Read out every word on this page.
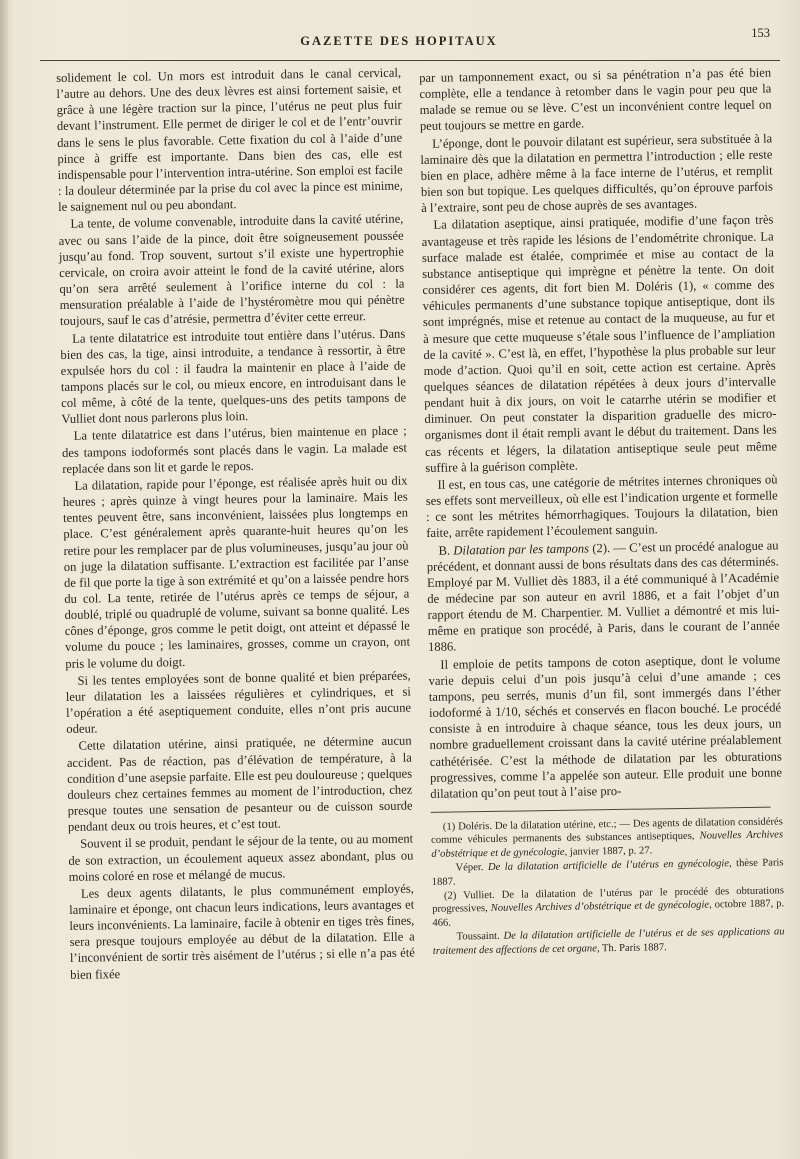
GAZETTE DES HOPITAUX
153

solidement le col. Un mors est introduit dans le canal cervical, l’autre au dehors. Une des deux lèvres est ainsi fortement saisie, et grâce à une légère traction sur la pince, l’utérus ne peut plus fuir devant l’instrument. Elle permet de diriger le col et de l’entr’ouvrir dans le sens le plus favorable. Cette fixation du col à l’aide d’une pince à griffe est importante. Dans bien des cas, elle est indispensable pour l’intervention intra-utérine. Son emploi est facile : la douleur déterminée par la prise du col avec la pince est minime, le saignement nul ou peu abondant.

La tente, de volume convenable, introduite dans la cavité utérine, avec ou sans l’aide de la pince, doit être soigneusement poussée jusqu’au fond. Trop souvent, surtout s’il existe une hypertrophie cervicale, on croira avoir atteint le fond de la cavité utérine, alors qu’on sera arrêté seulement à l’orifice interne du col : la mensuration préalable à l’aide de l’hystéromètre mou qui pénètre toujours, sauf le cas d’atrésie, permettra d’éviter cette erreur.

La tente dilatatrice est introduite tout entière dans l’utérus. Dans bien des cas, la tige, ainsi introduite, a tendance à ressortir, à être expulsée hors du col : il faudra la maintenir en place à l’aide de tampons placés sur le col, ou mieux encore, en introduisant dans le col même, à côté de la tente, quelques-uns des petits tampons de Vulliet dont nous parlerons plus loin.

La tente dilatatrice est dans l’utérus, bien maintenue en place ; des tampons iodoformés sont placés dans le vagin. La malade est replacée dans son lit et garde le repos.

La dilatation, rapide pour l’éponge, est réalisée après huit ou dix heures ; après quinze à vingt heures pour la laminaire. Mais les tentes peuvent être, sans inconvénient, laissées plus longtemps en place. C’est généralement après quarante-huit heures qu’on les retire pour les remplacer par de plus volumineuses, jusqu’au jour où on juge la dilatation suffisante. L’extraction est facilitée par l’anse de fil que porte la tige à son extrémité et qu’on a laissée pendre hors du col. La tente, retirée de l’utérus après ce temps de séjour, a doublé, triplé ou quadruplé de volume, suivant sa bonne qualité. Les cônes d’éponge, gros comme le petit doigt, ont atteint et dépassé le volume du pouce ; les laminaires, grosses, comme un crayon, ont pris le volume du doigt.

Si les tentes employées sont de bonne qualité et bien préparées, leur dilatation les a laissées régulières et cylindriques, et si l’opération a été aseptiquement conduite, elles n’ont pris aucune odeur.

Cette dilatation utérine, ainsi pratiquée, ne détermine aucun accident. Pas de réaction, pas d’élévation de température, à la condition d’une asepsie parfaite. Elle est peu douloureuse ; quelques douleurs chez certaines femmes au moment de l’introduction, chez presque toutes une sensation de pesanteur ou de cuisson sourde pendant deux ou trois heures, et c’est tout.

Souvent il se produit, pendant le séjour de la tente, ou au moment de son extraction, un écoulement aqueux assez abondant, plus ou moins coloré en rose et mélangé de mucus.

Les deux agents dilatants, le plus communément employés, laminaire et éponge, ont chacun leurs indications, leurs avantages et leurs inconvénients. La laminaire, facile à obtenir en tiges très fines, sera presque toujours employée au début de la dilatation. Elle a l’inconvénient de sortir très aisément de l’utérus ; si elle n’a pas été bien fixée

par un tamponnement exact, ou si sa pénétration n’a pas été bien complète, elle a tendance à retomber dans le vagin pour peu que la malade se remue ou se lève. C’est un inconvénient contre lequel on peut toujours se mettre en garde.

L’éponge, dont le pouvoir dilatant est supérieur, sera substituée à la laminaire dès que la dilatation en permettra l’introduction ; elle reste bien en place, adhère même à la face interne de l’utérus, et remplit bien son but topique. Les quelques difficultés, qu’on éprouve parfois à l’extraire, sont peu de chose auprès de ses avantages.

La dilatation aseptique, ainsi pratiquée, modifie d’une façon très avantageuse et très rapide les lésions de l’endométrite chronique. La surface malade est étalée, comprimée et mise au contact de la substance antiseptique qui imprègne et pénètre la tente. On doit considérer ces agents, dit fort bien M. Doléris (1), « comme des véhicules permanents d’une substance topique antiseptique, dont ils sont imprégnés, mise et retenue au contact de la muqueuse, au fur et à mesure que cette muqueuse s’étale sous l’influence de l’ampliation de la cavité ». C’est là, en effet, l’hypothèse la plus probable sur leur mode d’action. Quoi qu’il en soit, cette action est certaine. Après quelques séances de dilatation répétées à deux jours d’intervalle pendant huit à dix jours, on voit le catarrhe utérin se modifier et diminuer. On peut constater la disparition graduelle des micro-organismes dont il était rempli avant le début du traitement. Dans les cas récents et légers, la dilatation antiseptique seule peut même suffire à la guérison complète.

Il est, en tous cas, une catégorie de métrites internes chroniques où ses effets sont merveilleux, où elle est l’indication urgente et formelle : ce sont les métrites hémorrhagiques. Toujours la dilatation, bien faite, arrête rapidement l’écoulement sanguin.

B. Dilatation par les tampons (2). — C’est un procédé analogue au précédent, et donnant aussi de bons résultats dans des cas déterminés. Employé par M. Vulliet dès 1883, il a été communiqué à l’Académie de médecine par son auteur en avril 1886, et a fait l’objet d’un rapport étendu de M. Charpentier. M. Vulliet a démontré et mis lui-même en pratique son procédé, à Paris, dans le courant de l’année 1886.

Il emploie de petits tampons de coton aseptique, dont le volume varie depuis celui d’un pois jusqu’à celui d’une amande ; ces tampons, peu serrés, munis d’un fil, sont immergés dans l’éther iodoformé à 1/10, séchés et conservés en flacon bouché. Le procédé consiste à en introduire à chaque séance, tous les deux jours, un nombre graduellement croissant dans la cavité utérine préalablement cathétérisée. C’est la méthode de dilatation par les obturations progressives, comme l’a appelée son auteur. Elle produit une bonne dilatation qu’on peut tout à l’aise pro-

(1) Doléris. De la dilatation utérine, etc.; — Des agents de dilatation considérés comme véhicules permanents des substances antiseptiques, Nouvelles Archives d’obstétrique et de gynécologie, janvier 1887, p. 27.

Véper. De la dilatation artificielle de l’utérus en gynécologie, thèse Paris 1887.

(2) Vulliet. De la dilatation de l’utérus par le procédé des obturations progressives, Nouvelles Archives d’obstétrique et de gynécologie, octobre 1887, p. 466.

Toussaint. De la dilatation artificielle de l’utérus et de ses applications au traitement des affections de cet organe, Th. Paris 1887.
